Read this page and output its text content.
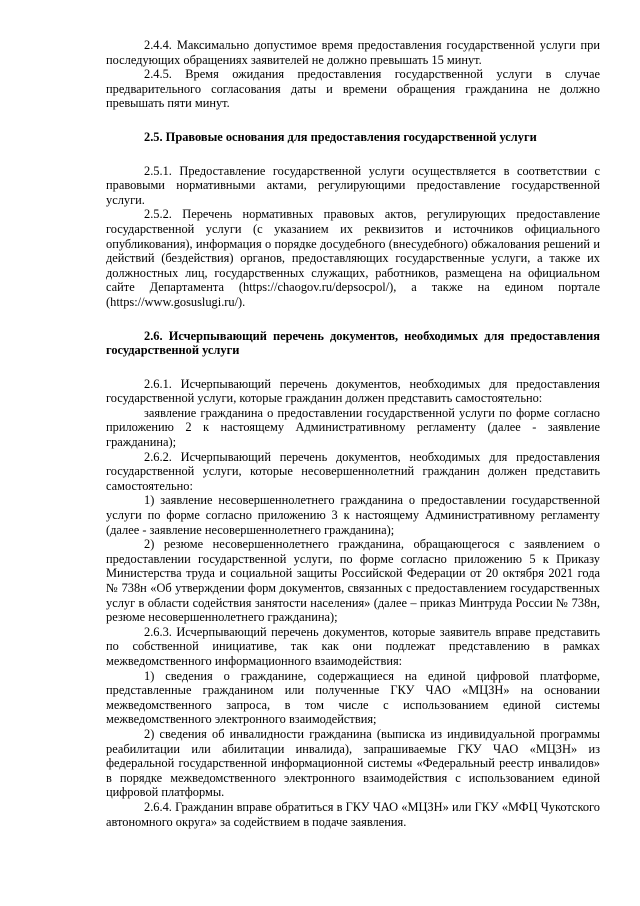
2.4.4. Максимально допустимое время предоставления государственной услуги при последующих обращениях заявителей не должно превышать 15 минут.

2.4.5. Время ожидания предоставления государственной услуги в случае предварительного согласования даты и времени обращения гражданина не должно превышать пяти минут.

2.5. Правовые основания для предоставления государственной услуги

2.5.1. Предоставление государственной услуги осуществляется в соответствии с правовыми нормативными актами, регулирующими предоставление государственной услуги.

2.5.2. Перечень нормативных правовых актов, регулирующих предоставление государственной услуги (с указанием их реквизитов и источников официального опубликования), информация о порядке досудебного (внесудебного) обжалования решений и действий (бездействия) органов, предоставляющих государственные услуги, а также их должностных лиц, государственных служащих, работников, размещена на официальном сайте Департамента (https://chaogov.ru/depsocpol/), а также на едином портале (https://www.gosuslugi.ru/).

2.6. Исчерпывающий перечень документов, необходимых для предоставления государственной услуги

2.6.1. Исчерпывающий перечень документов, необходимых для предоставления государственной услуги, которые гражданин должен представить самостоятельно:

заявление гражданина о предоставлении государственной услуги по форме согласно приложению 2 к настоящему Административному регламенту (далее - заявление гражданина);

2.6.2. Исчерпывающий перечень документов, необходимых для предоставления государственной услуги, которые несовершеннолетний гражданин должен представить самостоятельно:

1) заявление несовершеннолетнего гражданина о предоставлении государственной услуги по форме согласно приложению 3 к настоящему Административному регламенту (далее - заявление несовершеннолетнего гражданина);

2) резюме несовершеннолетнего гражданина, обращающегося с заявлением о предоставлении государственной услуги, по форме согласно приложению 5 к Приказу Министерства труда и социальной защиты Российской Федерации от 20 октября 2021 года № 738н «Об утверждении форм документов, связанных с предоставлением государственных услуг в области содействия занятости населения» (далее – приказ Минтруда России № 738н, резюме несовершеннолетнего гражданина);

2.6.3. Исчерпывающий перечень документов, которые заявитель вправе представить по собственной инициативе, так как они подлежат представлению в рамках межведомственного информационного взаимодействия:

1) сведения о гражданине, содержащиеся на единой цифровой платформе, представленные гражданином или полученные ГКУ ЧАО «МЦЗН» на основании межведомственного запроса, в том числе с использованием единой системы межведомственного электронного взаимодействия;

2) сведения об инвалидности гражданина (выписка из индивидуальной программы реабилитации или абилитации инвалида), запрашиваемые ГКУ ЧАО «МЦЗН» из федеральной государственной информационной системы «Федеральный реестр инвалидов» в порядке межведомственного электронного взаимодействия с использованием единой цифровой платформы.

2.6.4. Гражданин вправе обратиться в ГКУ ЧАО «МЦЗН» или ГКУ «МФЦ Чукотского автономного округа» за содействием в подаче заявления.
